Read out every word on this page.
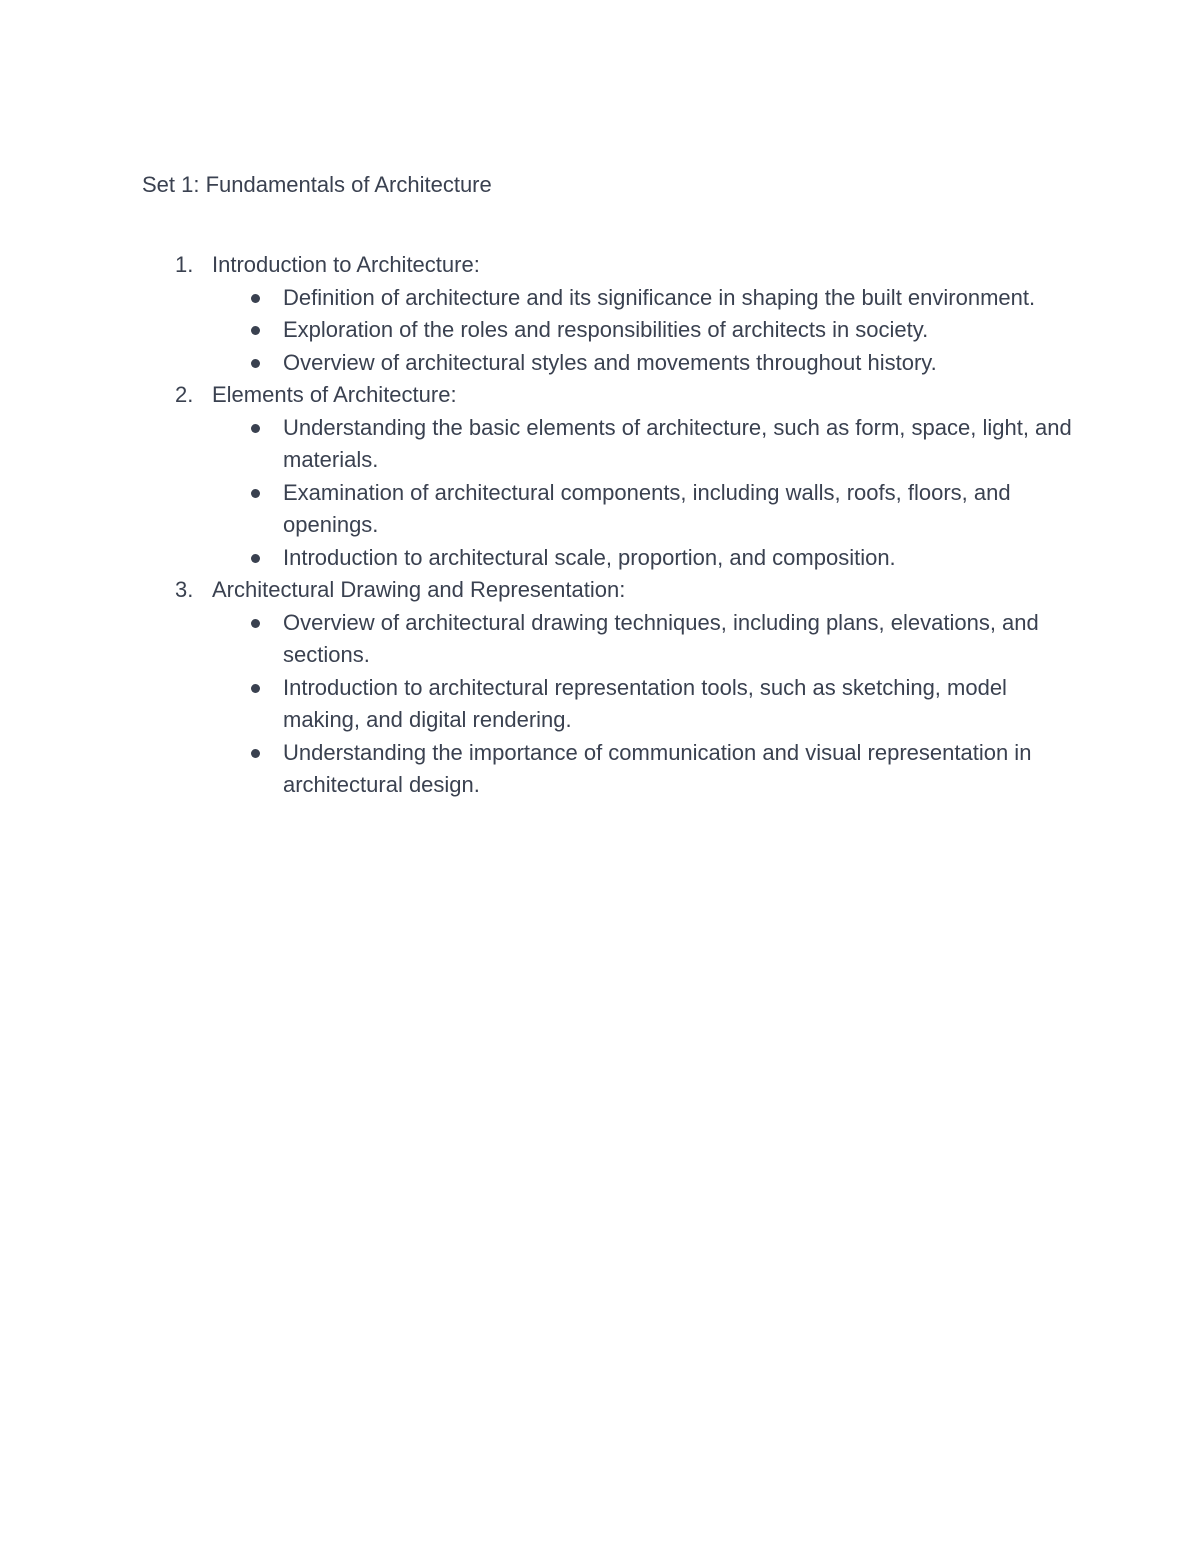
Set 1: Fundamentals of Architecture
1. Introduction to Architecture:
Definition of architecture and its significance in shaping the built environment.
Exploration of the roles and responsibilities of architects in society.
Overview of architectural styles and movements throughout history.
2. Elements of Architecture:
Understanding the basic elements of architecture, such as form, space, light, and materials.
Examination of architectural components, including walls, roofs, floors, and openings.
Introduction to architectural scale, proportion, and composition.
3. Architectural Drawing and Representation:
Overview of architectural drawing techniques, including plans, elevations, and sections.
Introduction to architectural representation tools, such as sketching, model making, and digital rendering.
Understanding the importance of communication and visual representation in architectural design.
